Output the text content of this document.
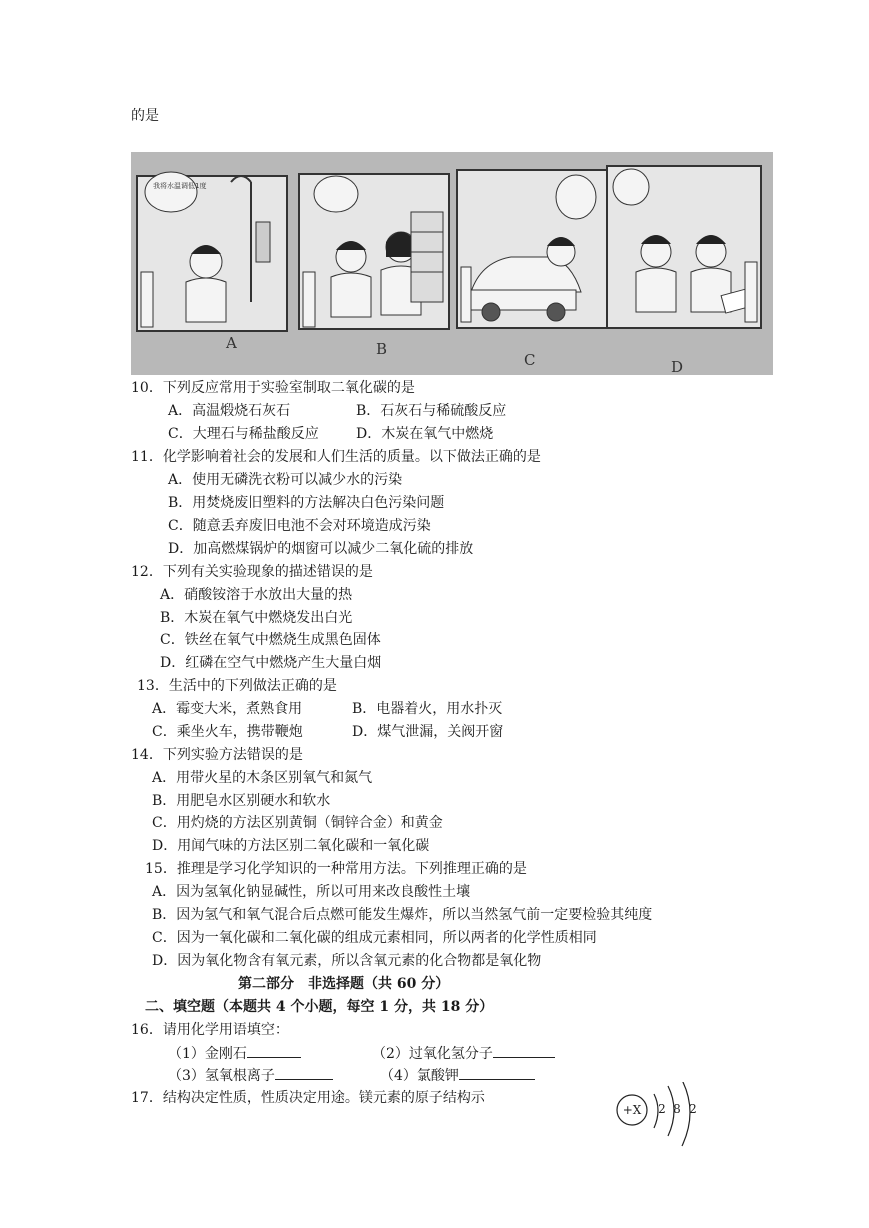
的是
我将水温调低1度
A	B
C	D
10．下列反应常用于实验室制取二氧化碳的是
A．高温煅烧石灰石	B．石灰石与稀硫酸反应
C．大理石与稀盐酸反应	D．木炭在氧气中燃烧
11．化学影响着社会的发展和人们生活的质量。以下做法正确的是
A．使用无磷洗衣粉可以减少水的污染
B．用焚烧废旧塑料的方法解决白色污染问题
C．随意丢弃废旧电池不会对环境造成污染
D．加高燃煤锅炉的烟窗可以减少二氧化硫的排放
12．下列有关实验现象的描述错误的是
A．硝酸铵溶于水放出大量的热
B．木炭在氧气中燃烧发出白光
C．铁丝在氧气中燃烧生成黑色固体
D．红磷在空气中燃烧产生大量白烟
13．生活中的下列做法正确的是
A．霉变大米，煮熟食用	B．电器着火，用水扑灭
C．乘坐火车，携带鞭炮	D．煤气泄漏，关阀开窗
14．下列实验方法错误的是
A．用带火星的木条区别氧气和氮气
B．用肥皂水区别硬水和软水
C．用灼烧的方法区别黄铜（铜锌合金）和黄金
D．用闻气味的方法区别二氧化碳和一氧化碳
15．推理是学习化学知识的一种常用方法。下列推理正确的是
A．因为氢氧化钠显碱性，所以可用来改良酸性土壤
B．因为氢气和氧气混合后点燃可能发生爆炸，所以当然氢气前一定要检验其纯度
C．因为一氧化碳和二氧化碳的组成元素相同，所以两者的化学性质相同
D．因为氧化物含有氧元素，所以含氧元素的化合物都是氧化物
第二部分　非选择题（共 60 分）
二、填空题（本题共 4 个小题，每空 1 分，共 18 分）
16．请用化学用语填空：
（1）金刚石	（2）过氧化氢分子
（3）氢氧根离子	（4）氯酸钾
17．结构决定性质，性质决定用途。镁元素的原子结构示
+X 2 8 2
